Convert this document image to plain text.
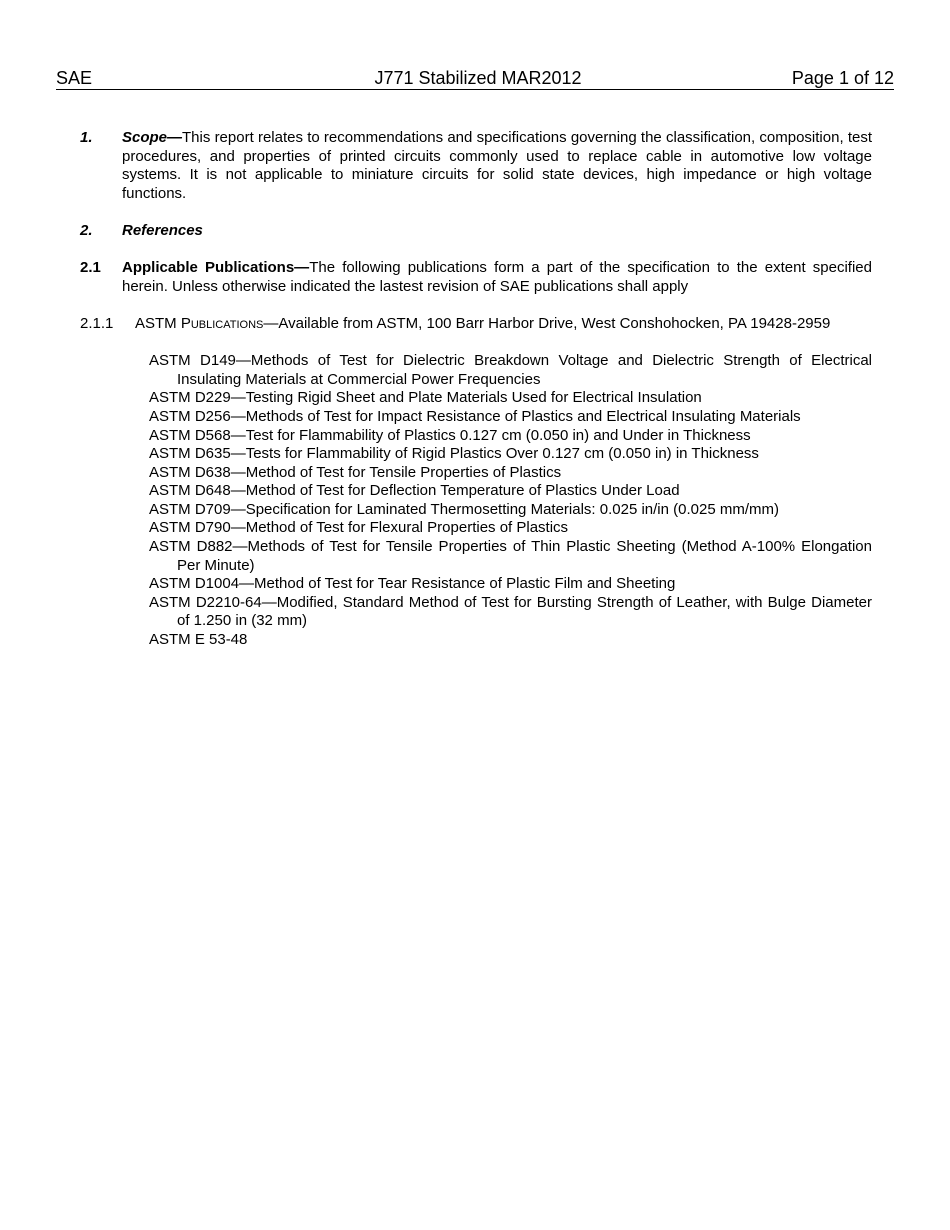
SAE	J771 Stabilized MAR2012	Page 1 of 12
1.	Scope—This report relates to recommendations and specifications governing the classification, composition, test procedures, and properties of printed circuits commonly used to replace cable in automotive low voltage systems. It is not applicable to miniature circuits for solid state devices, high impedance or high voltage functions.
2.	References
2.1	Applicable Publications—The following publications form a part of the specification to the extent specified herein. Unless otherwise indicated the lastest revision of SAE publications shall apply
2.1.1	ASTM Publications—Available from ASTM, 100 Barr Harbor Drive, West Conshohocken, PA 19428-2959
ASTM D149—Methods of Test for Dielectric Breakdown Voltage and Dielectric Strength of Electrical Insulating Materials at Commercial Power Frequencies
ASTM D229—Testing Rigid Sheet and Plate Materials Used for Electrical Insulation
ASTM D256—Methods of Test for Impact Resistance of Plastics and Electrical Insulating Materials
ASTM D568—Test for Flammability of Plastics 0.127 cm (0.050 in) and Under in Thickness
ASTM D635—Tests for Flammability of Rigid Plastics Over 0.127 cm (0.050 in) in Thickness
ASTM D638—Method of Test for Tensile Properties of Plastics
ASTM D648—Method of Test for Deflection Temperature of Plastics Under Load
ASTM D709—Specification for Laminated Thermosetting Materials: 0.025 in/in (0.025 mm/mm)
ASTM D790—Method of Test for Flexural Properties of Plastics
ASTM D882—Methods of Test for Tensile Properties of Thin Plastic Sheeting (Method A-100% Elongation Per Minute)
ASTM D1004—Method of Test for Tear Resistance of Plastic Film and Sheeting
ASTM D2210-64—Modified, Standard Method of Test for Bursting Strength of Leather, with Bulge Diameter of 1.250 in (32 mm)
ASTM E 53-48
